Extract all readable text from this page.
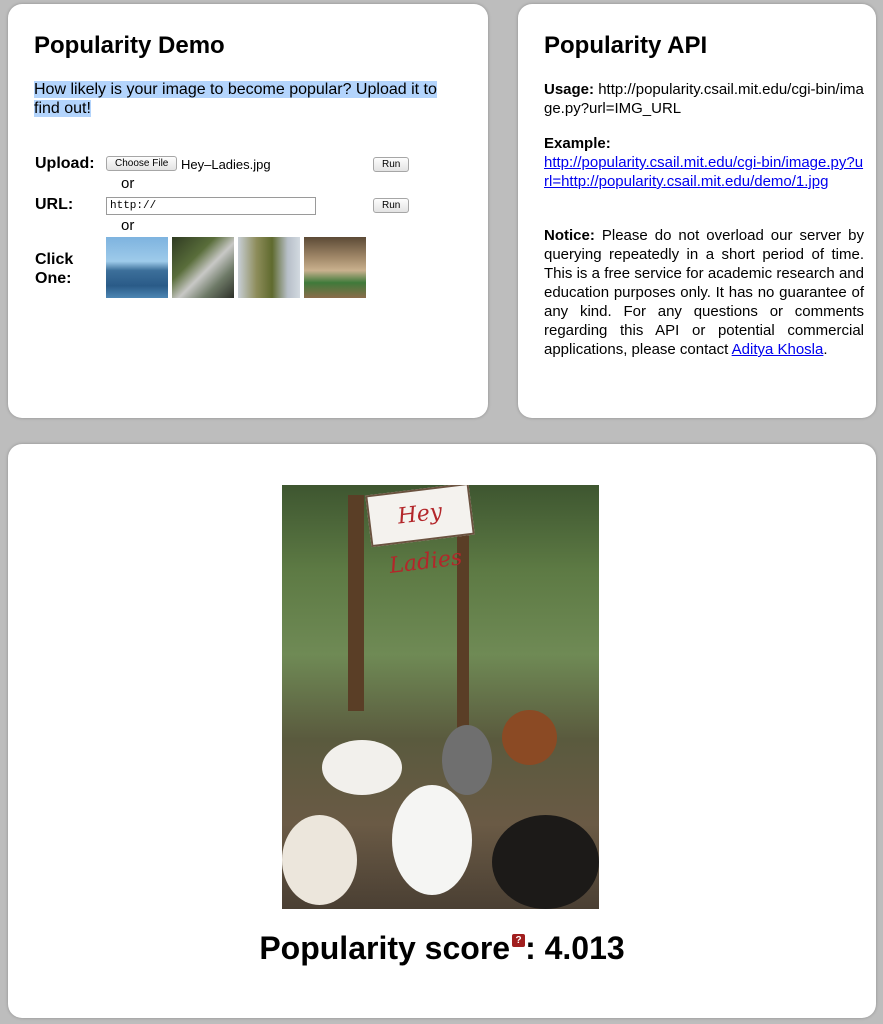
Popularity Demo

How likely is your image to become popular? Upload it to find out!

Upload:	Choose File Hey–Ladies.jpg	Run
or
URL:
http://	Run
or
Click
One:
Popularity API

Usage: http://popularity.csail.mit.edu/cgi-bin/image.py?url=IMG_URL

Example:
http://popularity.csail.mit.edu/cgi-bin/image.py?url=http://popularity.csail.mit.edu/demo/1.jpg

Notice: Please do not overload our server by querying repeatedly in a short period of time. This is a free service for academic research and education purposes only. It has no guarantee of any kind. For any questions or comments regarding this API or potential commercial applications, please contact Aditya Khosla.

Hey Ladies
Popularity score ? : 4.013
